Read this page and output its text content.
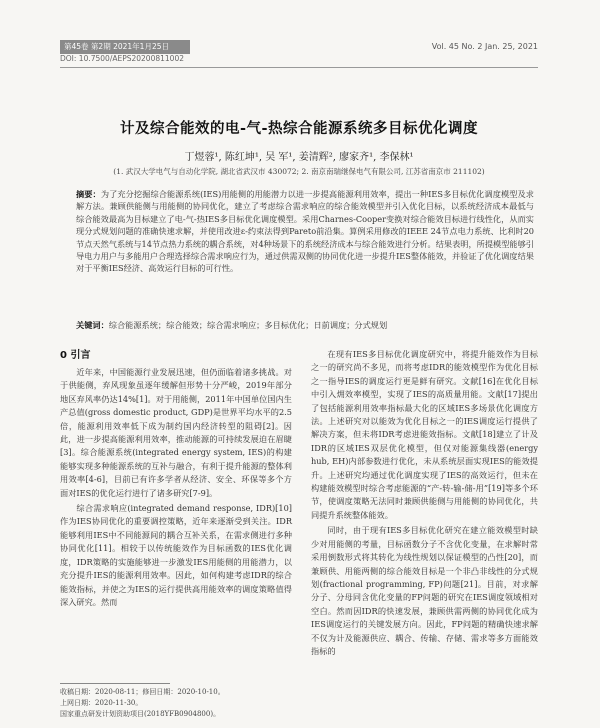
第45卷 第2期 2021年1月25日	Vol. 45 No. 2 Jan. 25, 2021
DOI: 10.7500/AEPS20200811002
计及综合能效的电-气-热综合能源系统多目标优化调度
丁煜蓉¹, 陈红坤¹, 吴 军¹, 姜清辉², 廖家齐¹, 李保林¹
(1. 武汉大学电气与自动化学院, 湖北省武汉市 430072; 2. 南京南瑞继保电气有限公司, 江苏省南京市 211102)
摘要：为了充分挖掘综合能源系统(IES)用能侧的用能潜力以进一步提高能源利用效率，提出一种IES多目标优化调度模型及求解方法。兼顾供能侧与用能侧的协同优化，建立了考虑综合需求响应的综合能效模型并引入优化目标，以系统经济成本最低与综合能效最高为目标建立了电-气-热IES多目标优化调度模型。采用Charnes-Cooper变换对综合能效目标进行线性化，从而实现分式规划问题的准确快速求解，并使用改进ε-约束法得到Pareto前沿集。算例采用修改的IEEE 24节点电力系统、比利时20节点天然气系统与14节点热力系统的耦合系统，对4种场景下的系统经济成本与综合能效进行分析。结果表明，所提模型能够引导电力用户与多能用户合理选择综合需求响应行为，通过供需双侧的协同优化进一步提升IES整体能效，并验证了优化调度结果对于平衡IES经济、高效运行目标的可行性。
关键词：综合能源系统；综合能效；综合需求响应；多目标优化；日前调度；分式规划
0 引言

近年来，中国能源行业发展迅速，但仍面临着诸多挑战。对于供能侧，弃风现象虽逐年缓解但形势十分严峻，2019年部分地区弃风率仍达14%[1]。对于用能侧，2011年中国单位国内生产总值(gross domestic product, GDP)是世界平均水平的2.5倍，能源利用效率低下成为制约国内经济转型的阻碍[2]。因此，进一步提高能源利用效率，推动能源的可持续发展迫在眉睫[3]。综合能源系统(integrated energy system, IES)的构建能够实现多种能源系统的互补与融合，有利于提升能源的整体利用效率[4-6]，目前已有许多学者从经济、安全、环保等多个方面对IES的优化运行进行了诸多研究[7-9]。

综合需求响应(integrated demand response, IDR)[10]作为IES协同优化的重要调控策略，近年来逐渐受到关注。IDR能够利用IES中不同能源间的耦合互补关系，在需求侧进行多种协同优化[11]。相较于以传统能效作为目标函数的IES优化调度，IDR策略的实施能够进一步激发IES用能侧的用能潜力，以充分提升IES的能源利用效率。因此，如何构建考虑IDR的综合能效指标，并使之为IES的运行提供高用能效率的调度策略值得深入研究。然而

在现有IES多目标优化调度研究中，将提升能效作为目标之一的研究尚不多见，而将考虑IDR的能效模型作为优化目标之一指导IES的调度运行更是鲜有研究。文献[16]在优化目标中引入㶲效率模型，实现了IES的高质量用能。文献[17]提出了包括能源利用效率指标最大化的区域IES多场景优化调度方法。上述研究对以能效为优化目标之一的IES调度运行提供了解决方案，但未将IDR考虑进能效指标。文献[18]建立了计及IDR的区域IES双层优化模型，但仅对能源集线器(energy hub, EH)内部参数进行优化，未从系统层面实现IES的能效提升。上述研究均通过优化调度实现了IES的高效运行，但未在构建能效模型时综合考虑能源的“产-转-输-储-用”[19]等多个环节，使调度策略无法同时兼顾供能侧与用能侧的协同优化，共同提升系统整体能效。

同时，由于现有IES多目标优化研究在建立能效模型时缺少对用能侧的考量，目标函数分子不含优化变量，在求解时常采用倒数形式将其转化为线性规划以保证模型的凸性[20]，而兼顾供、用能两侧的综合能效目标是一个非凸非线性的分式规划(fractional programming, FP)问题[21]。目前，对求解分子、分母同含优化变量的FP问题的研究在IES调度领域相对空白。然而因IDR的快速发展，兼顾供需两侧的协同优化成为IES调度运行的关键发展方向。因此，FP问题的精确快速求解不仅为计及能源供应、耦合、传输、存储、需求等多方面能效指标的

收稿日期：2020-08-11；修回日期：2020-10-10。
上网日期：2020-11-30。
国家重点研发计划资助项目(2018YFB0904800)。
